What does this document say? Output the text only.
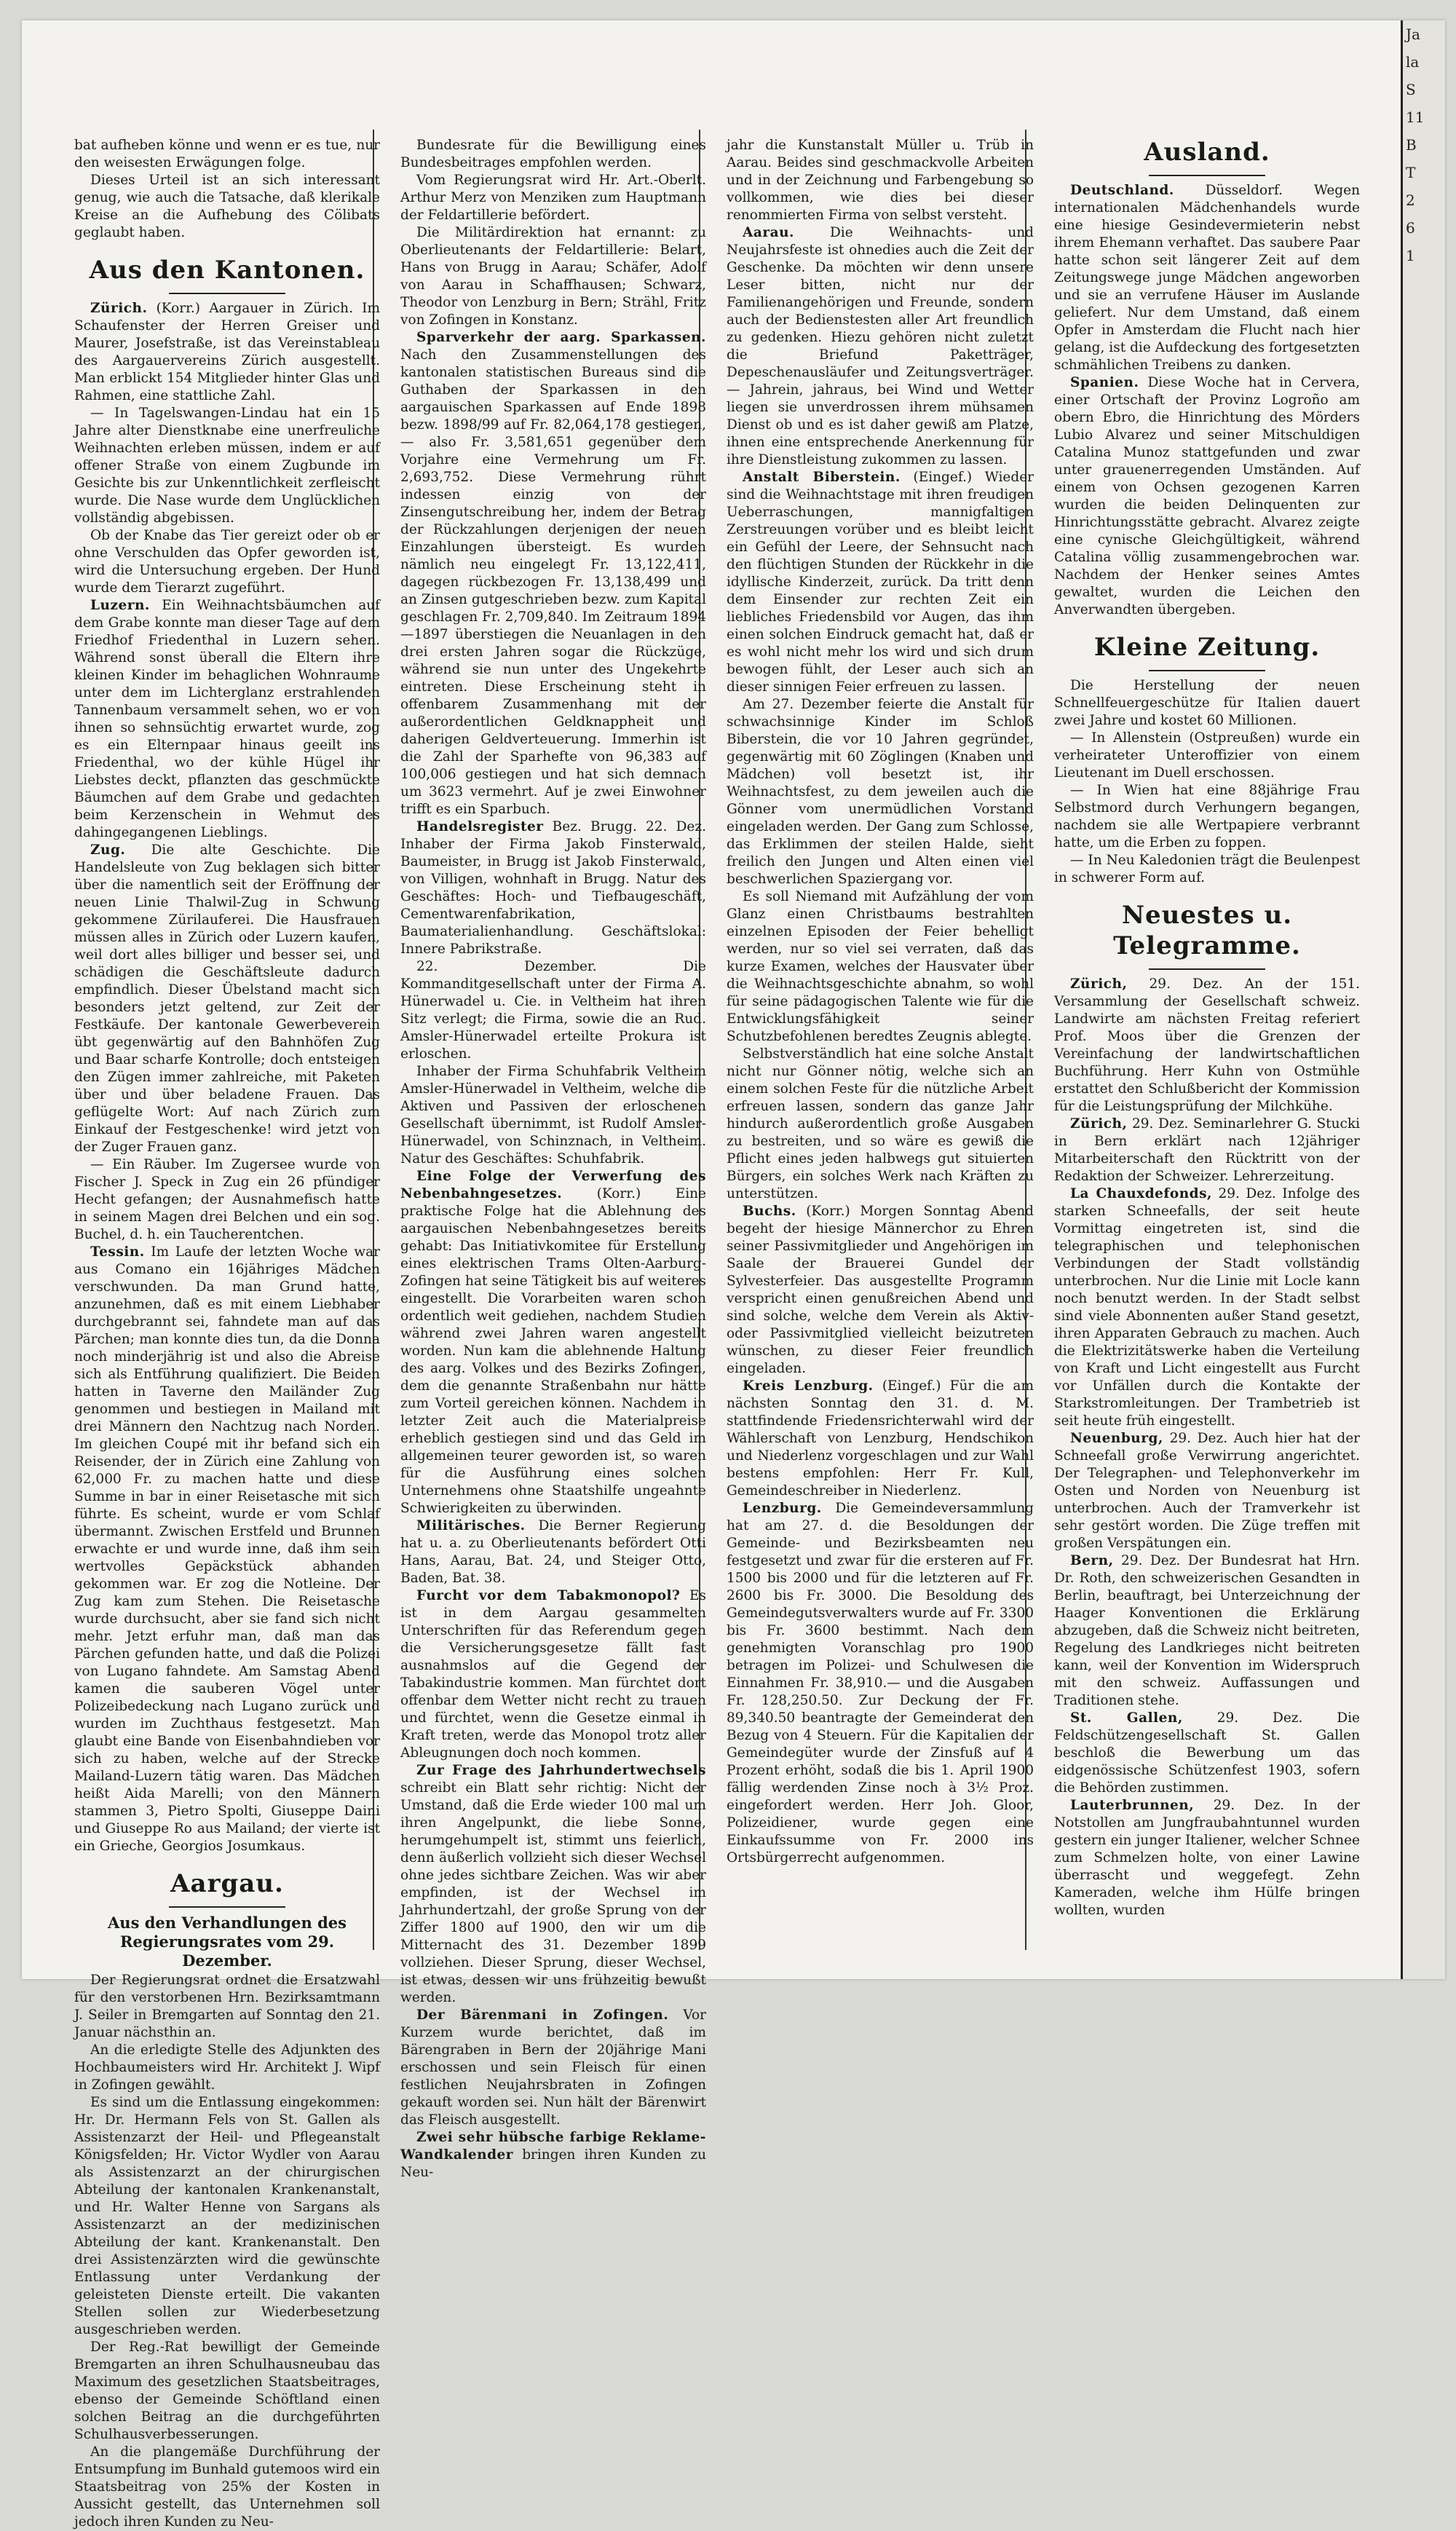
bat aufheben könne und wenn er es tue, nur den weisesten Erwägungen folge.

Dieses Urteil ist an sich interessant genug, wie auch die Tatsache, daß klerikale Kreise an die Aufhebung des Cölibats geglaubt haben.

Aus den Kantonen.

Zürich. (Korr.) Aargauer in Zürich. Im Schaufenster der Herren Greiser und Maurer, Josefstraße, ist das Vereinstableau des Aargauervereins Zürich ausgestellt. Man erblickt 154 Mitglieder hinter Glas und Rahmen, eine stattliche Zahl.

— In Tagelswangen-Lindau hat ein 15 Jahre alter Dienstknabe eine unerfreuliche Weihnachten erleben müssen, indem er auf offener Straße von einem Zugbunde im Gesichte bis zur Unkenntlichkeit zerfleischt wurde. Die Nase wurde dem Unglücklichen vollständig abgebissen.

Ob der Knabe das Tier gereizt oder ob er ohne Verschulden das Opfer geworden ist, wird die Untersuchung ergeben. Der Hund wurde dem Tierarzt zugeführt.

Luzern. Ein Weihnachtsbäumchen auf dem Grabe konnte man dieser Tage auf dem Friedhof Friedenthal in Luzern sehen. Während sonst überall die Eltern ihre kleinen Kinder im behaglichen Wohnraume unter dem im Lichterglanz erstrahlenden Tannenbaum versammelt sehen, wo er von ihnen so sehnsüchtig erwartet wurde, zog es ein Elternpaar hinaus geeilt ins Friedenthal, wo der kühle Hügel ihr Liebstes deckt, pflanzten das geschmückte Bäumchen auf dem Grabe und gedachten beim Kerzenschein in Wehmut des dahingegangenen Lieblings.

Zug. Die alte Geschichte. Die Handelsleute von Zug beklagen sich bitter über die namentlich seit der Eröffnung der neuen Linie Thalwil-Zug in Schwung gekommene Zürilauferei. Die Hausfrauen müssen alles in Zürich oder Luzern kaufen, weil dort alles billiger und besser sei, und schädigen die Geschäftsleute dadurch empfindlich. Dieser Übelstand macht sich besonders jetzt geltend, zur Zeit der Festkäufe. Der kantonale Gewerbeverein übt gegenwärtig auf den Bahnhöfen Zug und Baar scharfe Kontrolle; doch entsteigen den Zügen immer zahlreiche, mit Paketen über und über beladene Frauen. Das geflügelte Wort: Auf nach Zürich zum Einkauf der Festgeschenke! wird jetzt von der Zuger Frauen ganz.

— Ein Räuber. Im Zugersee wurde von Fischer J. Speck in Zug ein 26 pfündiger Hecht gefangen; der Ausnahmefisch hatte in seinem Magen drei Belchen und ein sog. Buchel, d. h. ein Taucherentchen.

Tessin. Im Laufe der letzten Woche war aus Comano ein 16jähriges Mädchen verschwunden. Da man Grund hatte, anzunehmen, daß es mit einem Liebhaber durchgebrannt sei, fahndete man auf das Pärchen; man konnte dies tun, da die Donna noch minderjährig ist und also die Abreise sich als Entführung qualifiziert. Die Beiden hatten in Taverne den Mailänder Zug genommen und bestiegen in Mailand mit drei Männern den Nachtzug nach Norden. Im gleichen Coupé mit ihr befand sich ein Reisender, der in Zürich eine Zahlung von 62,000 Fr. zu machen hatte und diese Summe in bar in einer Reisetasche mit sich führte. Es scheint, wurde er vom Schlaf übermannt. Zwischen Erstfeld und Brunnen erwachte er und wurde inne, daß ihm sein wertvolles Gepäckstück abhanden gekommen war. Er zog die Notleine. Der Zug kam zum Stehen. Die Reisetasche wurde durchsucht, aber sie fand sich nicht mehr. Jetzt erfuhr man, daß man das Pärchen gefunden hatte, und daß die Polizei von Lugano fahndete. Am Samstag Abend kamen die sauberen Vögel unter Polizeibedeckung nach Lugano zurück und wurden im Zuchthaus festgesetzt. Man glaubt eine Bande von Eisenbahndieben vor sich zu haben, welche auf der Strecke Mailand-Luzern tätig waren. Das Mädchen heißt Aida Marelli; von den Männern stammen 3, Pietro Spolti, Giuseppe Daini und Giuseppe Ro aus Mailand; der vierte ist ein Grieche, Georgios Josumkaus.

Aargau.
Aus den Verhandlungen des Regierungsrates vom 29. Dezember.

Der Regierungsrat ordnet die Ersatzwahl für den verstorbenen Hrn. Bezirksamtmann J. Seiler in Bremgarten auf Sonntag den 21. Januar nächsthin an.

An die erledigte Stelle des Adjunkten des Hochbaumeisters wird Hr. Architekt J. Wipf in Zofingen gewählt.

Es sind um die Entlassung eingekommen: Hr. Dr. Hermann Fels von St. Gallen als Assistenzarzt der Heil- und Pflegeanstalt Königsfelden; Hr. Victor Wydler von Aarau als Assistenzarzt an der chirurgischen Abteilung der kantonalen Krankenanstalt, und Hr. Walter Henne von Sargans als Assistenzarzt an der medizinischen Abteilung der kant. Krankenanstalt. Den drei Assistenzärzten wird die gewünschte Entlassung unter Verdankung der geleisteten Dienste erteilt. Die vakanten Stellen sollen zur Wiederbesetzung ausgeschrieben werden.

Der Reg.-Rat bewilligt der Gemeinde Bremgarten an ihren Schulhausneubau das Maximum des gesetzlichen Staatsbeitrages, ebenso der Gemeinde Schöftland einen solchen Beitrag an die durchgeführten Schulhausverbesserungen.

An die plangemäße Durchführung der Entsumpfung im Bunhald gutemoos wird ein Staatsbeitrag von 25% der Kosten in Aussicht gestellt, das Unternehmen soll jedoch ihren Kunden zu Neu-

Bundesrate für die Bewilligung eines Bundesbeitrages empfohlen werden.

Vom Regierungsrat wird Hr. Art.-Oberlt. Arthur Merz von Menziken zum Hauptmann der Feldartillerie befördert.

Die Militärdirektion hat ernannt: zu Oberlieutenants der Feldartillerie: Belart, Hans von Brugg in Aarau; Schäfer, Adolf von Aarau in Schaffhausen; Schwarz, Theodor von Lenzburg in Bern; Strähl, Fritz von Zofingen in Konstanz.

Sparverkehr der aarg. Sparkassen. Nach den Zusammenstellungen des kantonalen statistischen Bureaus sind die Guthaben der Sparkassen in den aargauischen Sparkassen auf Ende 1898 bezw. 1898/99 auf Fr. 82,064,178 gestiegen, — also Fr. 3,581,651 gegenüber dem Vorjahre eine Vermehrung um Fr. 2,693,752. Diese Vermehrung rührt indessen einzig von der Zinsengutschreibung her, indem der Betrag der Rückzahlungen derjenigen der neuen Einzahlungen übersteigt. Es wurden nämlich neu eingelegt Fr. 13,122,411, dagegen rückbezogen Fr. 13,138,499 und an Zinsen gutgeschrieben bezw. zum Kapital geschlagen Fr. 2,709,840. Im Zeitraum 1894—1897 überstiegen die Neuanlagen in den drei ersten Jahren sogar die Rückzüge, während sie nun unter des Ungekehrte eintreten. Diese Erscheinung steht in offenbarem Zusammenhang mit der außerordentlichen Geldknappheit und daherigen Geldverteuerung. Immerhin ist die Zahl der Sparhefte von 96,383 auf 100,006 gestiegen und hat sich demnach um 3623 vermehrt. Auf je zwei Einwohner trifft es ein Sparbuch.

Handelsregister Bez. Brugg. 22. Dez. Inhaber der Firma Jakob Finsterwald, Baumeister, in Brugg ist Jakob Finsterwald, von Villigen, wohnhaft in Brugg. Natur des Geschäftes: Hoch- und Tiefbaugeschäft, Cementwarenfabrikation, Baumaterialienhandlung. Geschäftslokal: Innere Pabrikstraße.

22. Dezember. Die Kommanditgesellschaft unter der Firma A. Hünerwadel u. Cie. in Veltheim hat ihren Sitz verlegt; die Firma, sowie die an Rud. Amsler-Hünerwadel erteilte Prokura ist erloschen.

Inhaber der Firma Schuhfabrik Veltheim Amsler-Hünerwadel in Veltheim, welche die Aktiven und Passiven der erloschenen Gesellschaft übernimmt, ist Rudolf Amsler-Hünerwadel, von Schinznach, in Veltheim. Natur des Geschäftes: Schuhfabrik.

Eine Folge der Verwerfung des Nebenbahngesetzes.	(Korr.) Eine praktische Folge hat die Ablehnung des aargauischen Nebenbahngesetzes bereits gehabt: Das Initiativkomitee für Erstellung eines elektrischen Trams Olten-Aarburg-Zofingen hat seine Tätigkeit bis auf weiteres eingestellt. Die Vorarbeiten waren schon ordentlich weit gediehen, nachdem Studien während zwei Jahren waren angestellt worden. Nun kam die ablehnende Haltung des aarg. Volkes und des Bezirks Zofingen, dem die genannte Straßenbahn nur hätte zum Vorteil gereichen können. Nachdem in letzter Zeit auch die Materialpreise erheblich gestiegen sind und das Geld im allgemeinen teurer geworden ist, so waren für die Ausführung eines solchen Unternehmens ohne Staatshilfe ungeahnte Schwierigkeiten zu überwinden.

Militärisches. Die Berner Regierung hat u. a. zu Oberlieutenants befördert Otti Hans, Aarau, Bat. 24, und Steiger Otto, Baden, Bat. 38.

Furcht vor dem Tabakmonopol? Es ist in dem Aargau gesammelten Unterschriften für das Referendum gegen die Versicherungsgesetze fällt fast ausnahmslos auf die Gegend der Tabakindustrie kommen. Man fürchtet dort offenbar dem Wetter nicht recht zu trauen und fürchtet, wenn die Gesetze einmal in Kraft treten, werde das Monopol trotz aller Ableugnungen doch noch kommen.

Zur Frage des Jahrhundertwechsels schreibt ein Blatt sehr richtig: Nicht der Umstand, daß die Erde wieder 100 mal um ihren Angelpunkt, die liebe Sonne, herumgehumpelt ist, stimmt uns feierlich, denn äußerlich vollzieht sich dieser Wechsel ohne jedes sichtbare Zeichen. Was wir aber empfinden, ist der Wechsel im Jahrhundertzahl, der große Sprung von der Ziffer 1800 auf 1900, den wir um die Mitternacht des 31. Dezember 1899 vollziehen. Dieser Sprung, dieser Wechsel, ist etwas, dessen wir uns frühzeitig bewußt werden.

Der Bärenmani in Zofingen. Vor Kurzem wurde berichtet, daß im Bärengraben in Bern der 20jährige Mani erschossen und sein Fleisch für einen festlichen Neujahrsbraten in Zofingen gekauft worden sei. Nun hält der Bärenwirt das Fleisch ausgestellt.

Zwei sehr hübsche farbige Reklame-Wandkalender bringen ihren Kunden zu Neu-

jahr die Kunstanstalt Müller u. Trüb in Aarau. Beides sind geschmackvolle Arbeiten und in der Zeichnung und Farbengebung so vollkommen, wie dies bei dieser renommierten Firma von selbst versteht.

Aarau.	Die Weihnachts- und Neujahrsfeste ist ohnedies auch die Zeit der Geschenke. Da möchten wir denn unsere Leser bitten, nicht nur der Familienangehörigen und Freunde, sondern auch der Bedienstesten aller Art freundlich zu gedenken. Hiezu gehören nicht zuletzt die Briefund Paketträger, Depeschenausläufer und Zeitungsverträger. — Jahrein, jahraus, bei Wind und Wetter liegen sie unverdrossen ihrem mühsamen Dienst ob und es ist daher gewiß am Platze, ihnen eine entsprechende Anerkennung für ihre Dienstleistung zukommen zu lassen.

Anstalt Biberstein. (Eingef.) Wieder sind die Weihnachtstage mit ihren freudigen Ueberraschungen, mannigfaltigen Zerstreuungen vorüber und es bleibt leicht ein Gefühl der Leere, der Sehnsucht nach den flüchtigen Stunden der Rückkehr in die idyllische Kinderzeit, zurück. Da tritt denn dem Einsender zur rechten Zeit ein liebliches Friedensbild vor Augen, das ihm einen solchen Eindruck gemacht hat, daß er es wohl nicht mehr los wird und sich drum bewogen fühlt, der Leser auch sich an dieser sinnigen Feier erfreuen zu lassen.

Am 27. Dezember feierte die Anstalt für schwachsinnige Kinder im Schloß Biberstein, die vor 10 Jahren gegründet, gegenwärtig mit 60 Zöglingen (Knaben und Mädchen) voll besetzt ist, ihr Weihnachtsfest, zu dem jeweilen auch die Gönner vom unermüdlichen Vorstand eingeladen werden. Der Gang zum Schlosse, das Erklimmen der steilen Halde, sieht freilich den Jungen und Alten einen viel beschwerlichen Spaziergang vor.

Es soll Niemand mit Aufzählung der vom Glanz einen Christbaums bestrahlten einzelnen Episoden der Feier behelligt werden, nur so viel sei verraten, daß das kurze Examen, welches der Hausvater über die Weihnachtsgeschichte abnahm, so wohl für seine pädagogischen Talente wie für die Entwicklungsfähigkeit seiner Schutzbefohlenen beredtes Zeugnis ablegte.

Selbstverständlich hat eine solche Anstalt nicht nur Gönner nötig, welche sich an einem solchen Feste für die nützliche Arbeit erfreuen lassen, sondern das ganze Jahr hindurch außerordentlich große Ausgaben zu bestreiten, und so wäre es gewiß die Pflicht eines jeden halbwegs gut situierten Bürgers, ein solches Werk nach Kräften zu unterstützen.

Buchs. (Korr.) Morgen Sonntag Abend begeht der hiesige Männerchor zu Ehren seiner Passivmitglieder und Angehörigen im Saale der Brauerei Gundel der Sylvesterfeier. Das ausgestellte Programm verspricht einen genußreichen Abend und sind solche, welche dem Verein als Aktiv- oder Passivmitglied vielleicht beizutreten wünschen, zu dieser Feier freundlich eingeladen.

Kreis Lenzburg. (Eingef.) Für die am nächsten Sonntag den 31. d. M. stattfindende Friedensrichterwahl wird der Wählerschaft von Lenzburg, Hendschikon und Niederlenz vorgeschlagen und zur Wahl bestens empfohlen: Herr Fr. Kull, Gemeindeschreiber in Niederlenz.

Lenzburg. Die Gemeindeversammlung hat am 27. d. die Besoldungen der Gemeinde- und Bezirksbeamten neu festgesetzt und zwar für die ersteren auf Fr. 1500 bis 2000 und für die letzteren auf Fr. 2600 bis Fr. 3000. Die Besoldung des Gemeindegutsverwalters wurde auf Fr. 3300 bis Fr. 3600 bestimmt. Nach dem genehmigten Voranschlag pro 1900 betragen im Polizei- und Schulwesen die Einnahmen Fr. 38,910.— und die Ausgaben Fr. 128,250.50. Zur Deckung der Fr. 89,340.50 beantragte der Gemeinderat den Bezug von 4 Steuern. Für die Kapitalien der Gemeindegüter wurde der Zinsfuß auf 4 Prozent erhöht, sodaß die bis 1. April 1900 fällig werdenden Zinse noch à 3½ Proz. eingefordert werden. Herr Joh. Gloor, Polizeidiener, wurde gegen eine Einkaufssumme von Fr. 2000 ins Ortsbürgerrecht aufgenommen.

Ausland.

Deutschland. Düsseldorf. Wegen internationalen Mädchenhandels wurde eine hiesige Gesindevermieterin nebst ihrem Ehemann verhaftet. Das saubere Paar hatte schon seit längerer Zeit auf dem Zeitungswege junge Mädchen angeworben und sie an verrufene Häuser im Auslande geliefert. Nur dem Umstand, daß einem Opfer in Amsterdam die Flucht nach hier gelang, ist die Aufdeckung des fortgesetzten schmählichen Treibens zu danken.

Spanien. Diese Woche hat in Cervera, einer Ortschaft der Provinz Logroño am obern Ebro, die Hinrichtung des Mörders Lubio Alvarez und seiner Mitschuldigen Catalina Munoz stattgefunden und zwar unter grauenerregenden Umständen. Auf einem von Ochsen gezogenen Karren wurden die beiden Delinquenten zur Hinrichtungsstätte gebracht. Alvarez zeigte eine cynische Gleichgültigkeit, während Catalina völlig zusammengebrochen war. Nachdem der Henker seines Amtes gewaltet, wurden die Leichen den Anverwandten übergeben.

Kleine Zeitung.

Die Herstellung der neuen Schnellfeuergeschütze für Italien dauert zwei Jahre und kostet 60 Millionen.

— In Allenstein (Ostpreußen) wurde ein verheirateter Unteroffizier von einem Lieutenant im Duell erschossen.

— In Wien hat eine 88jährige Frau Selbstmord durch Verhungern begangen, nachdem sie alle Wertpapiere verbrannt hatte, um die Erben zu foppen.

— In Neu Kaledonien trägt die Beulenpest in schwerer Form auf.

Neuestes u. Telegramme.

Zürich, 29. Dez. An der 151. Versammlung der Gesellschaft schweiz. Landwirte am nächsten Freitag referiert Prof. Moos über die Grenzen der Vereinfachung der landwirtschaftlichen Buchführung. Herr Kuhn von Ostmühle erstattet den Schlußbericht der Kommission für die Leistungsprüfung der Milchkühe.

Zürich, 29. Dez. Seminarlehrer G. Stucki in Bern erklärt nach 12jähriger Mitarbeiterschaft den Rücktritt von der Redaktion der Schweizer. Lehrerzeitung.

La Chauxdefonds, 29. Dez. Infolge des starken Schneefalls, der seit heute Vormittag eingetreten ist, sind die telegraphischen und telephonischen Verbindungen der Stadt vollständig unterbrochen. Nur die Linie mit Locle kann noch benutzt werden. In der Stadt selbst sind viele Abonnenten außer Stand gesetzt, ihren Apparaten Gebrauch zu machen. Auch die Elektrizitätswerke haben die Verteilung von Kraft und Licht eingestellt aus Furcht vor Unfällen durch die Kontakte der Starkstromleitungen. Der Trambetrieb ist seit heute früh eingestellt.

Neuenburg, 29. Dez. Auch hier hat der Schneefall große Verwirrung angerichtet. Der Telegraphen- und Telephonverkehr im Osten und Norden von Neuenburg ist unterbrochen. Auch der Tramverkehr ist sehr gestört worden. Die Züge treffen mit großen Verspätungen ein.

Bern, 29. Dez. Der Bundesrat hat Hrn. Dr. Roth, den schweizerischen Gesandten in Berlin, beauftragt, bei Unterzeichnung der Haager Konventionen die Erklärung abzugeben, daß die Schweiz nicht beitreten, Regelung des Landkrieges nicht beitreten kann, weil der Konvention im Widerspruch mit den schweiz. Auffassungen und Traditionen stehe.

St. Gallen,	29. Dez. Die Feldschützengesellschaft St. Gallen beschloß die Bewerbung um das eidgenössische Schützenfest 1903, sofern die Behörden zustimmen.

Lauterbrunnen, 29. Dez. In der Notstollen am Jungfraubahntunnel wurden gestern ein junger Italiener, welcher Schnee zum Schmelzen holte, von einer Lawine überrascht und weggefegt. Zehn Kameraden, welche ihm Hülfe bringen wollten, wurden

Ja

la

S

11

B

T

2

6

1
